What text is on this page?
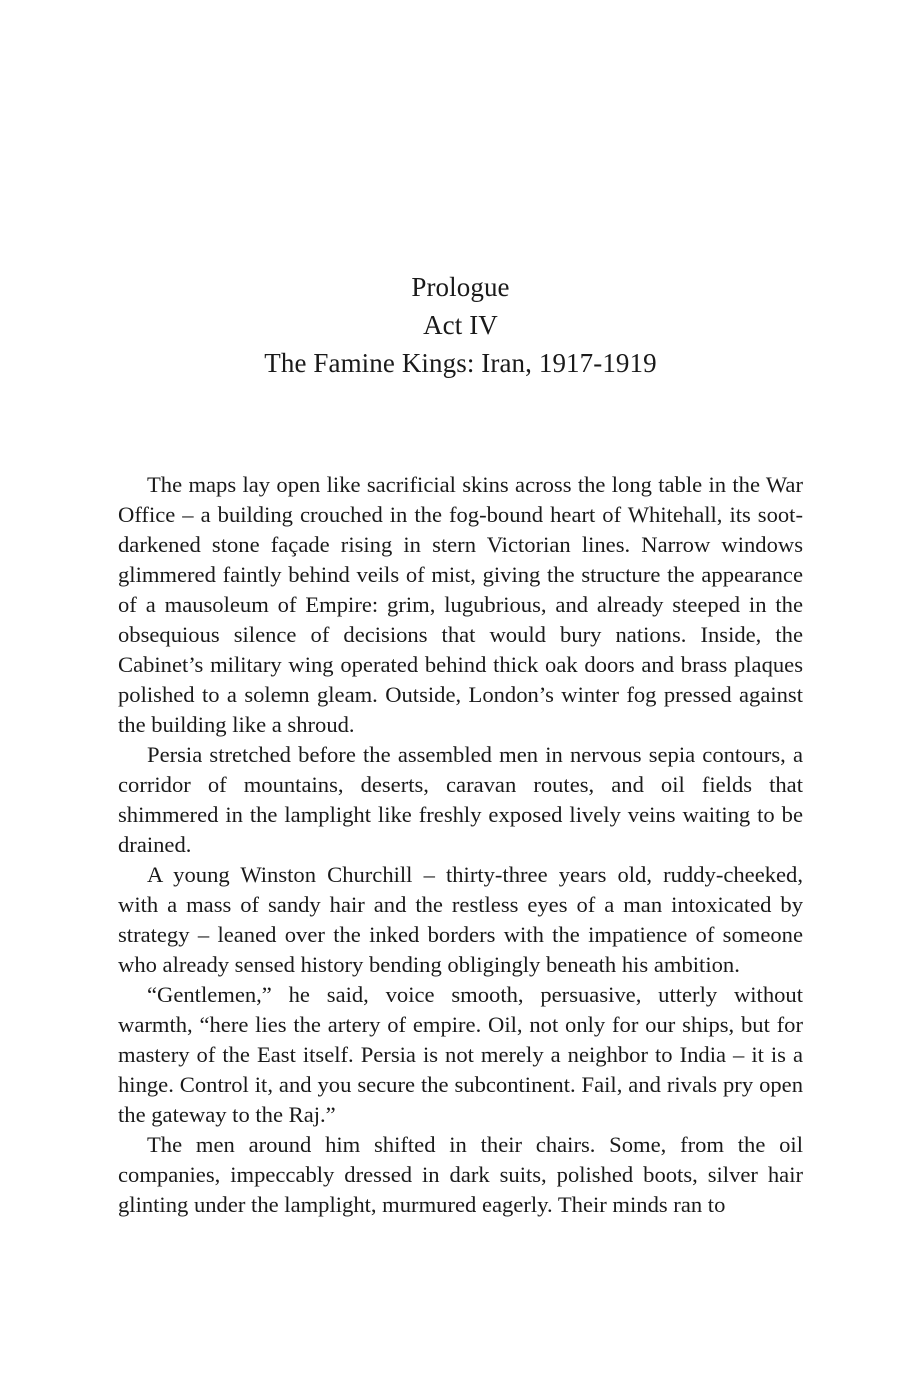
Prologue
Act IV
The Famine Kings: Iran, 1917-1919

The maps lay open like sacrificial skins across the long table in the War Office – a building crouched in the fog-bound heart of Whitehall, its soot-darkened stone façade rising in stern Victorian lines. Narrow windows glimmered faintly behind veils of mist, giving the structure the appearance of a mausoleum of Empire: grim, lugubrious, and already steeped in the obsequious silence of decisions that would bury nations. Inside, the Cabinet’s military wing operated behind thick oak doors and brass plaques polished to a solemn gleam. Outside, London’s winter fog pressed against the building like a shroud.

Persia stretched before the assembled men in nervous sepia contours, a corridor of mountains, deserts, caravan routes, and oil fields that shimmered in the lamplight like freshly exposed lively veins waiting to be drained.

A young Winston Churchill – thirty-three years old, ruddy-cheeked, with a mass of sandy hair and the restless eyes of a man intoxicated by strategy – leaned over the inked borders with the impatience of someone who already sensed history bending obligingly beneath his ambition.

“Gentlemen,” he said, voice smooth, persuasive, utterly without warmth, “here lies the artery of empire. Oil, not only for our ships, but for mastery of the East itself. Persia is not merely a neighbor to India – it is a hinge. Control it, and you secure the subcontinent. Fail, and rivals pry open the gateway to the Raj.”

The men around him shifted in their chairs. Some, from the oil companies, impeccably dressed in dark suits, polished boots, silver hair glinting under the lamplight, murmured eagerly. Their minds ran to
